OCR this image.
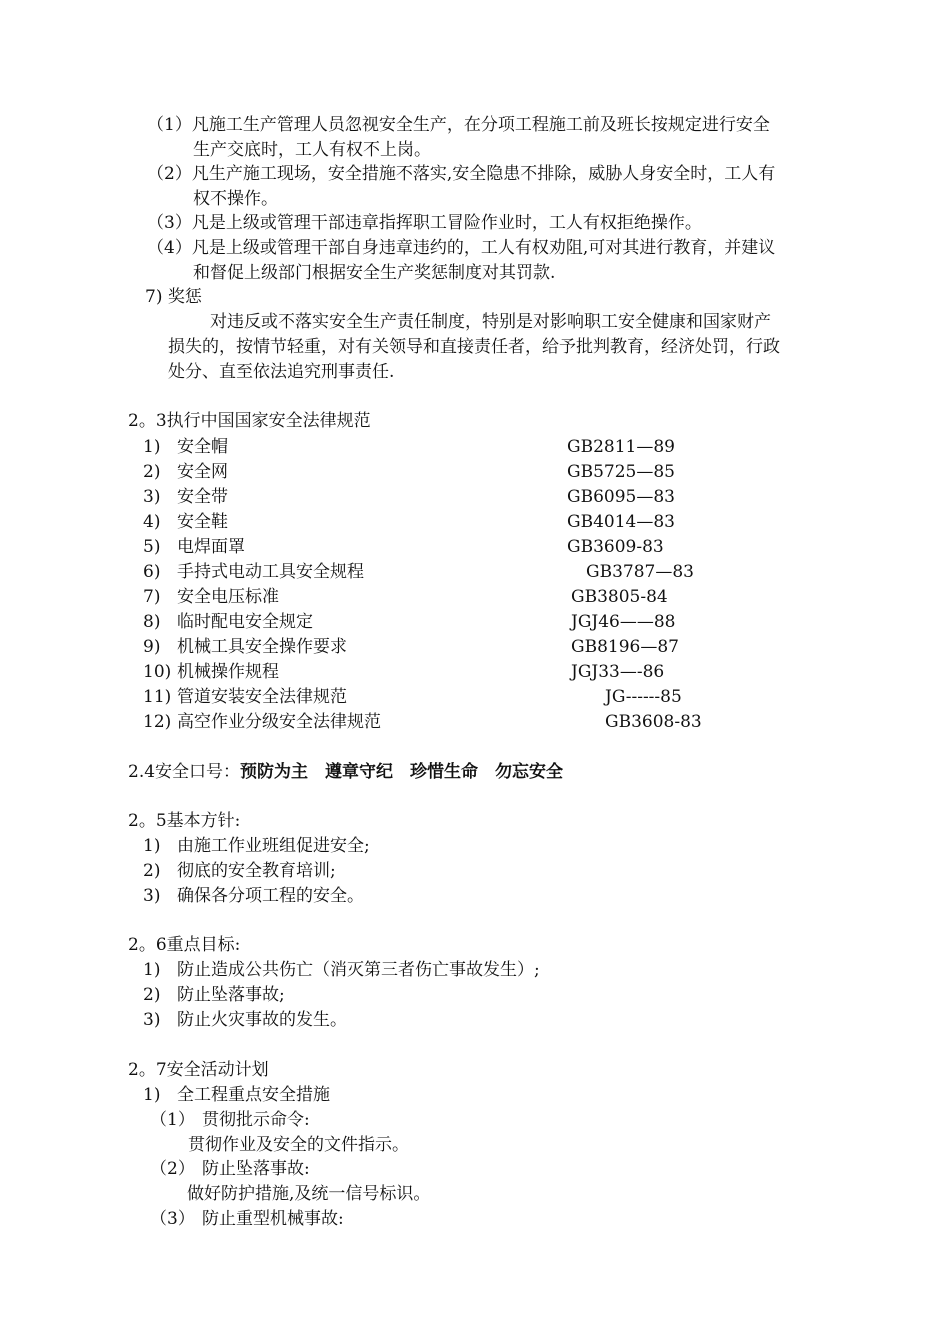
（1）凡施工生产管理人员忽视安全生产，在分项工程施工前及班长按规定进行安全
生产交底时，工人有权不上岗。
（2）凡生产施工现场，安全措施不落实,安全隐患不排除，威胁人身安全时，工人有
权不操作。
（3）凡是上级或管理干部违章指挥职工冒险作业时，工人有权拒绝操作。
（4）凡是上级或管理干部自身违章违约的，工人有权劝阻,可对其进行教育，并建议
和督促上级部门根据安全生产奖惩制度对其罚款.
7) 奖惩
对违反或不落实安全生产责任制度，特别是对影响职工安全健康和国家财产
损失的，按情节轻重，对有关领导和直接责任者，给予批判教育，经济处罚，行政
处分、直至依法追究刑事责任.
2。3执行中国国家安全法律规范
1) 安全帽	GB2811—89
2) 安全网	GB5725—85
3) 安全带	GB6095—83
4) 安全鞋	GB4014—83
5) 电焊面罩	GB3609-83
6) 手持式电动工具安全规程	GB3787—83
7) 安全电压标准	GB3805-84
8) 临时配电安全规定	JGJ46——88
9) 机械工具安全操作要求	GB8196—87
10) 机械操作规程	JGJ33—-86
11) 管道安装安全法律规范	JG------85
12) 高空作业分级安全法律规范	GB3608-83
2.4安全口号：预防为主　遵章守纪　珍惜生命　勿忘安全
2。5基本方针:
1) 由施工作业班组促进安全;
2) 彻底的安全教育培训;
3) 确保各分项工程的安全。
2。6重点目标:
1) 防止造成公共伤亡（消灭第三者伤亡事故发生）;
2) 防止坠落事故;
3) 防止火灾事故的发生。
2。7安全活动计划
1) 全工程重点安全措施
（1） 贯彻批示命令:
贯彻作业及安全的文件指示。
（2） 防止坠落事故:
做好防护措施,及统一信号标识。
（3） 防止重型机械事故:
